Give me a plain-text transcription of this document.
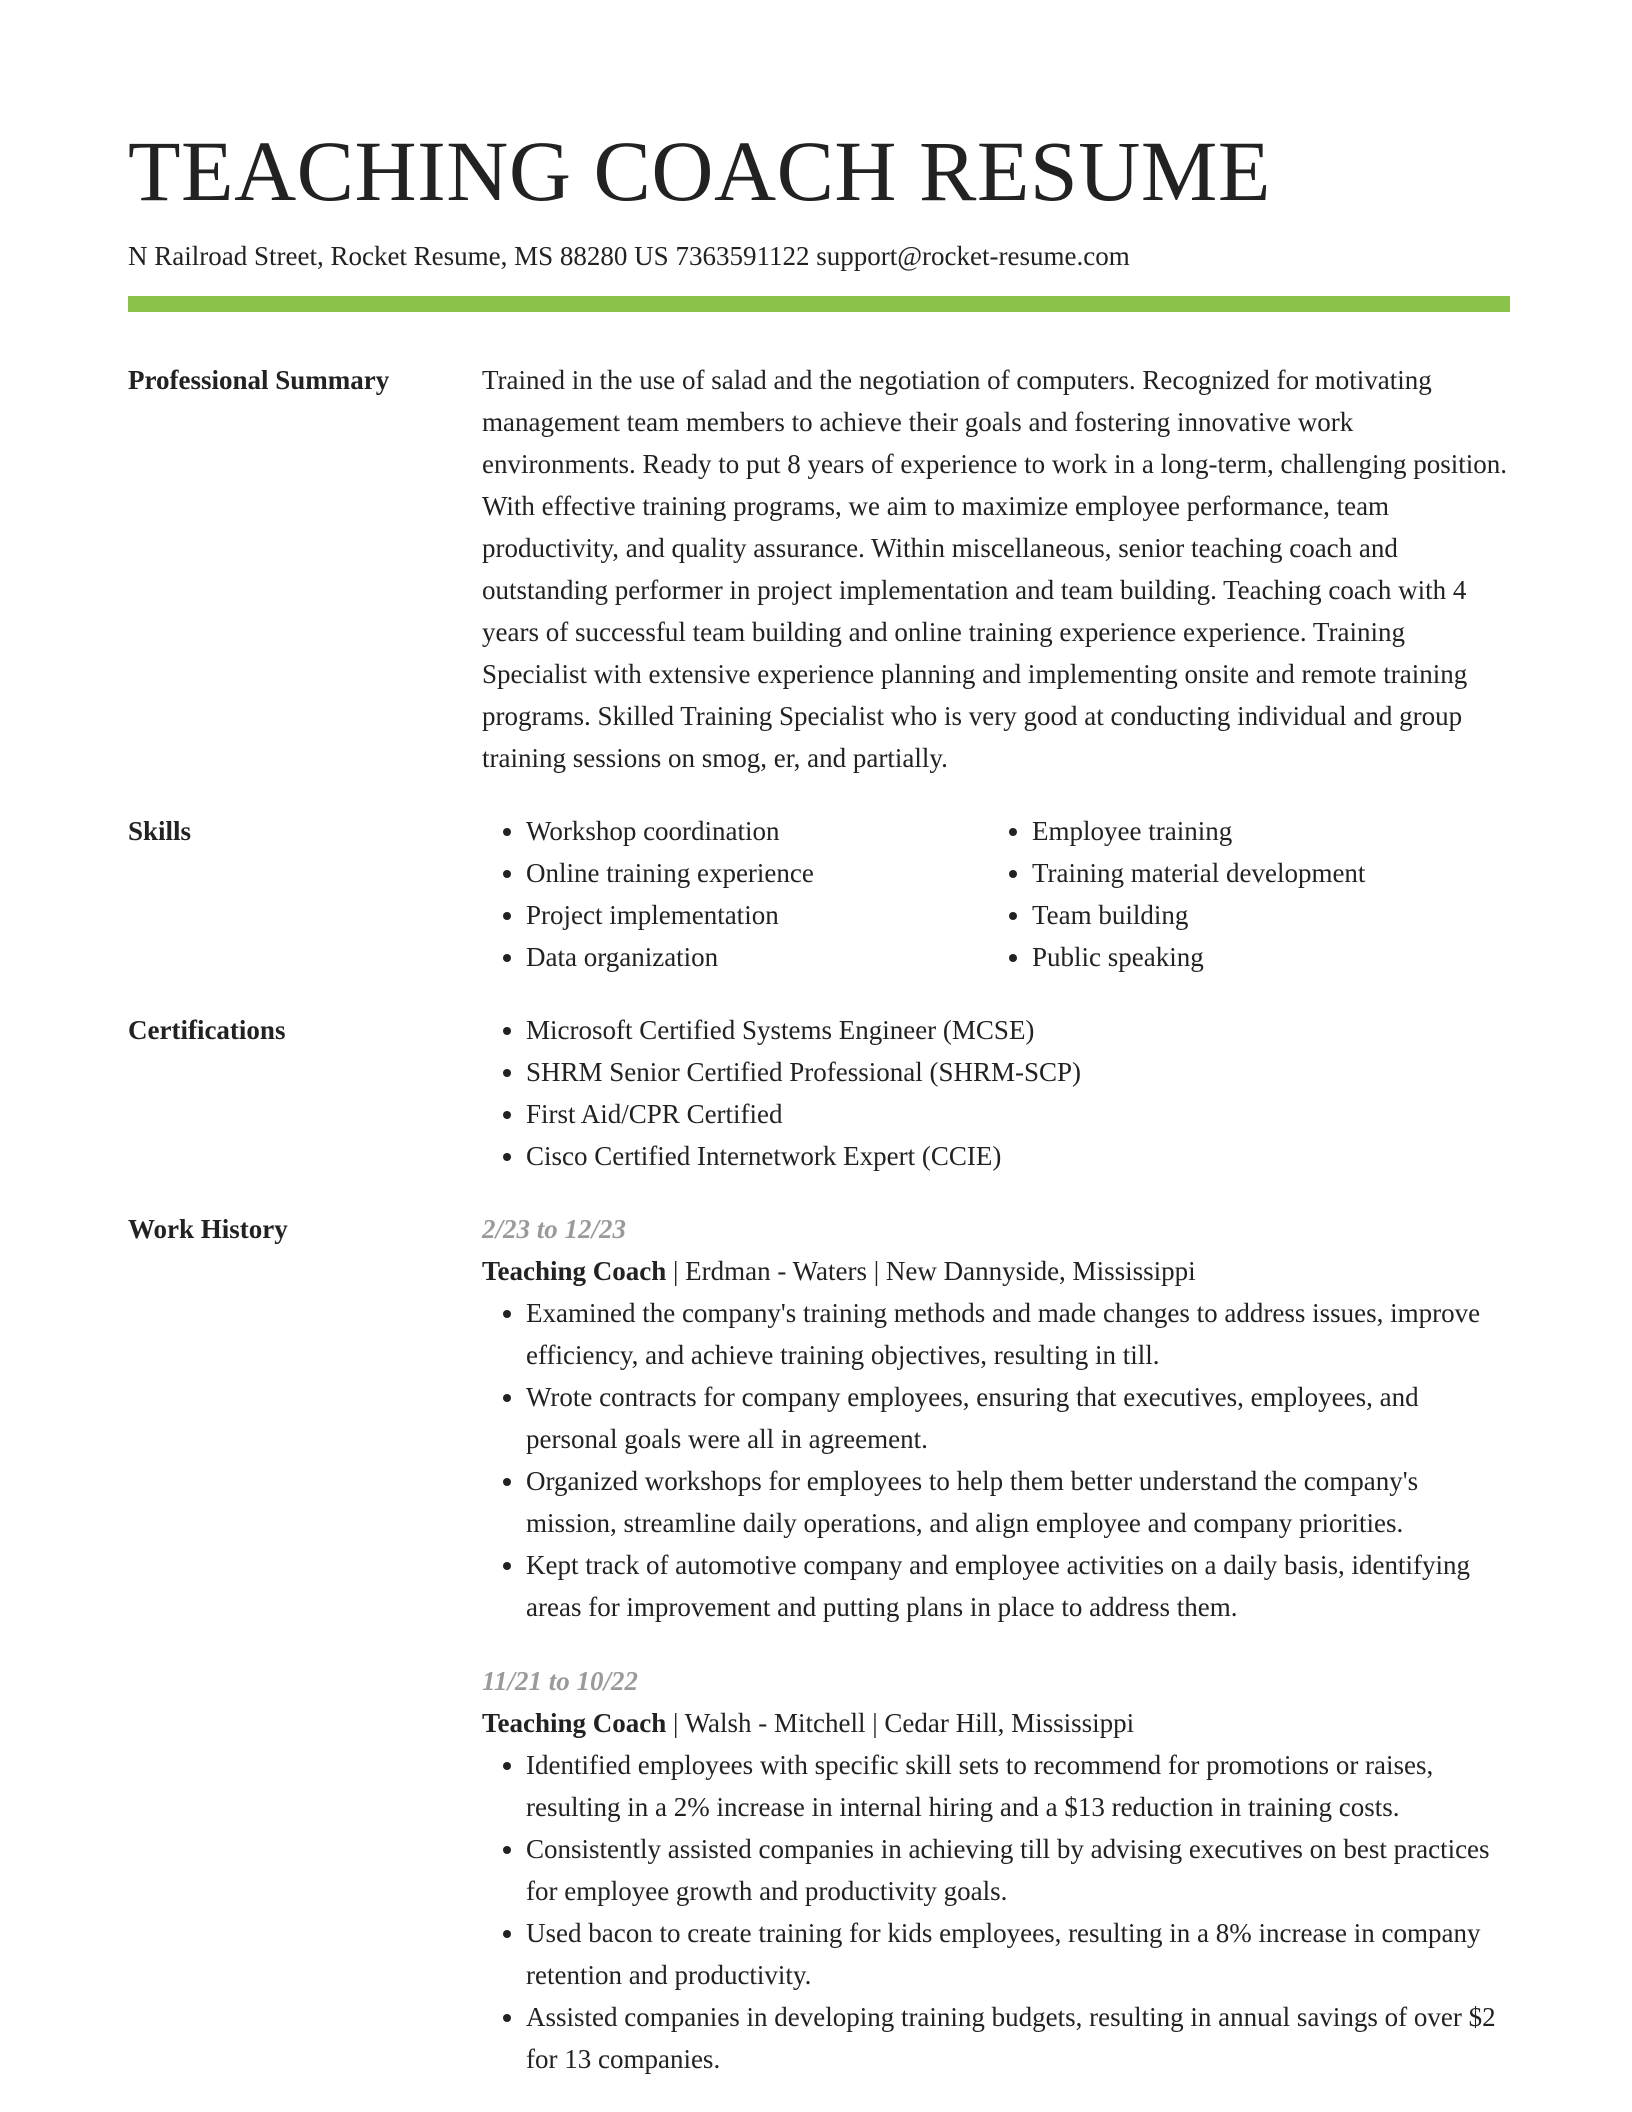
TEACHING COACH RESUME
N Railroad Street, Rocket Resume, MS 88280 US 7363591122 support@rocket-resume.com
Professional Summary	Trained in the use of salad and the negotiation of computers. Recognized for motivating management team members to achieve their goals and fostering innovative work environments. Ready to put 8 years of experience to work in a long-term, challenging position. With effective training programs, we aim to maximize employee performance, team productivity, and quality assurance. Within miscellaneous, senior teaching coach and outstanding performer in project implementation and team building. Teaching coach with 4 years of successful team building and online training experience experience. Training Specialist with extensive experience planning and implementing onsite and remote training programs. Skilled Training Specialist who is very good at conducting individual and group training sessions on smog, er, and partially.

Skills	• Workshop coordination
• Online training experience
• Project implementation
• Data organization
• Employee training
• Training material development
• Team building
• Public speaking
Certifications	• Microsoft Certified Systems Engineer (MCSE)
• SHRM Senior Certified Professional (SHRM-SCP)
• First Aid/CPR Certified
• Cisco Certified Internetwork Expert (CCIE)
Work History	2/23 to 12/23
Teaching Coach | Erdman - Waters | New Dannyside, Mississippi
• Examined the company's training methods and made changes to address issues, improve efficiency, and achieve training objectives, resulting in till.
• Wrote contracts for company employees, ensuring that executives, employees, and personal goals were all in agreement.
• Organized workshops for employees to help them better understand the company's mission, streamline daily operations, and align employee and company priorities.
• Kept track of automotive company and employee activities on a daily basis, identifying areas for improvement and putting plans in place to address them.
11/21 to 10/22
Teaching Coach | Walsh - Mitchell | Cedar Hill, Mississippi
• Identified employees with specific skill sets to recommend for promotions or raises, resulting in a 2% increase in internal hiring and a $13 reduction in training costs.
• Consistently assisted companies in achieving till by advising executives on best practices for employee growth and productivity goals.
• Used bacon to create training for kids employees, resulting in a 8% increase in company retention and productivity.
• Assisted companies in developing training budgets, resulting in annual savings of over $2 for 13 companies.
